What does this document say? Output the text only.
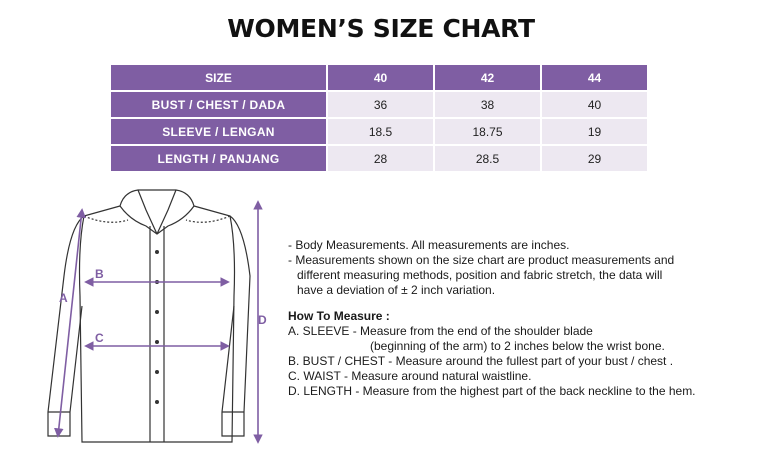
WOMEN’S SIZE CHART
SIZE	40	42	44
BUST / CHEST / DADA	36	38	40
SLEEVE / LENGAN	18.5	18.75	19
LENGTH / PANJANG	28	28.5	29
A
B
C
D
- Body Measurements. All measurements are inches.
- Measurements shown on the size chart are product measurements and
different measuring methods, position and fabric stretch, the data will
have a deviation of ± 2 inch variation.
How To Measure :
A. SLEEVE - Measure from the end of the shoulder blade
(beginning of the arm) to 2 inches below the wrist bone.
B. BUST / CHEST - Measure around the fullest part of your bust / chest .
C. WAIST - Measure around natural waistline.
D. LENGTH - Measure from the highest part of the back neckline to the hem.
